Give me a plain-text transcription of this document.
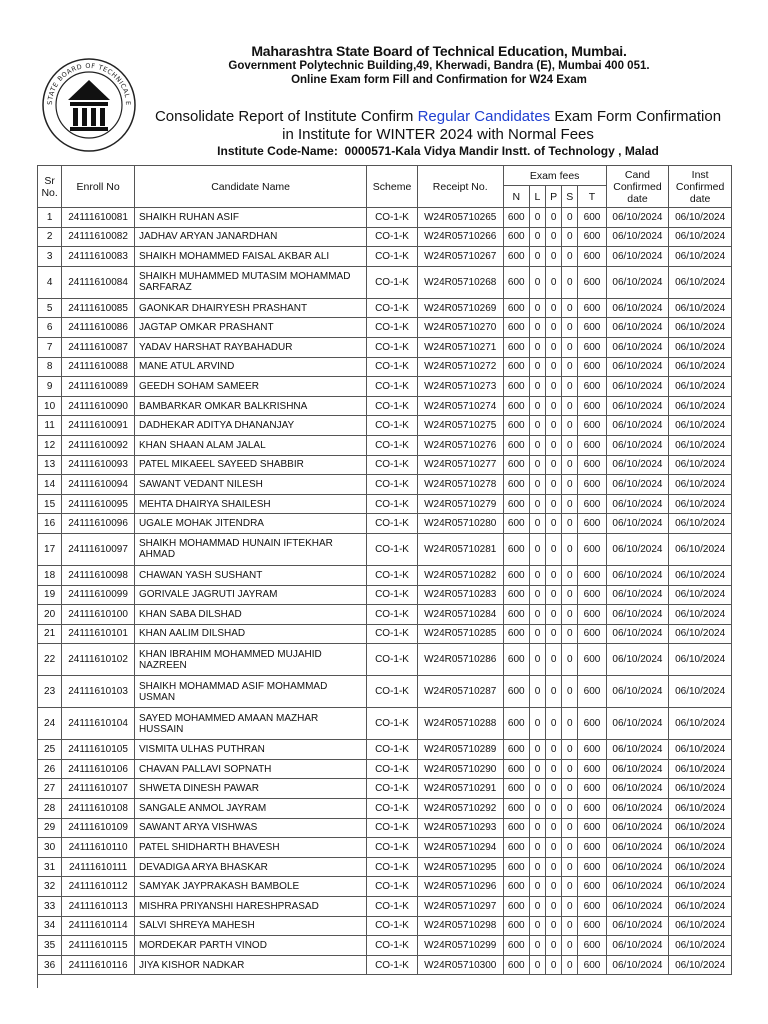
STATE BOARD OF TECHNICAL E
Maharashtra State Board of Technical Education, Mumbai.
Government Polytechnic Building,49, Kherwadi, Bandra (E), Mumbai 400 051.
Online Exam form Fill and Confirmation for W24 Exam
Consolidate Report of Institute Confirm Regular Candidates Exam Form Confirmation
in Institute for WINTER 2024 with Normal Fees
Institute Code-Name: 0000571-Kala Vidya Mandir Instt. of Technology , Malad
Sr No.	Enroll No	Candidate Name	Scheme	Receipt No.	Exam fees					Cand Confirmed date	Inst Confirmed date
					N	L	P	S	T		
1	24111610081	SHAIKH RUHAN ASIF	CO-1-K	W24R05710265	600	0	0	0	600	06/10/2024	06/10/2024
2	24111610082	JADHAV ARYAN JANARDHAN	CO-1-K	W24R05710266	600	0	0	0	600	06/10/2024	06/10/2024
3	24111610083	SHAIKH MOHAMMED FAISAL AKBAR ALI	CO-1-K	W24R05710267	600	0	0	0	600	06/10/2024	06/10/2024
4	24111610084	SHAIKH MUHAMMED MUTASIM MOHAMMAD SARFARAZ	CO-1-K	W24R05710268	600	0	0	0	600	06/10/2024	06/10/2024
5	24111610085	GAONKAR DHAIRYESH PRASHANT	CO-1-K	W24R05710269	600	0	0	0	600	06/10/2024	06/10/2024
6	24111610086	JAGTAP OMKAR PRASHANT	CO-1-K	W24R05710270	600	0	0	0	600	06/10/2024	06/10/2024
7	24111610087	YADAV HARSHAT RAYBAHADUR	CO-1-K	W24R05710271	600	0	0	0	600	06/10/2024	06/10/2024
8	24111610088	MANE ATUL ARVIND	CO-1-K	W24R05710272	600	0	0	0	600	06/10/2024	06/10/2024
9	24111610089	GEEDH SOHAM SAMEER	CO-1-K	W24R05710273	600	0	0	0	600	06/10/2024	06/10/2024
10	24111610090	BAMBARKAR OMKAR BALKRISHNA	CO-1-K	W24R05710274	600	0	0	0	600	06/10/2024	06/10/2024
11	24111610091	DADHEKAR ADITYA DHANANJAY	CO-1-K	W24R05710275	600	0	0	0	600	06/10/2024	06/10/2024
12	24111610092	KHAN SHAAN ALAM JALAL	CO-1-K	W24R05710276	600	0	0	0	600	06/10/2024	06/10/2024
13	24111610093	PATEL MIKAEEL SAYEED SHABBIR	CO-1-K	W24R05710277	600	0	0	0	600	06/10/2024	06/10/2024
14	24111610094	SAWANT VEDANT NILESH	CO-1-K	W24R05710278	600	0	0	0	600	06/10/2024	06/10/2024
15	24111610095	MEHTA DHAIRYA SHAILESH	CO-1-K	W24R05710279	600	0	0	0	600	06/10/2024	06/10/2024
16	24111610096	UGALE MOHAK JITENDRA	CO-1-K	W24R05710280	600	0	0	0	600	06/10/2024	06/10/2024
17	24111610097	SHAIKH MOHAMMAD HUNAIN IFTEKHAR AHMAD	CO-1-K	W24R05710281	600	0	0	0	600	06/10/2024	06/10/2024
18	24111610098	CHAWAN YASH SUSHANT	CO-1-K	W24R05710282	600	0	0	0	600	06/10/2024	06/10/2024
19	24111610099	GORIVALE JAGRUTI JAYRAM	CO-1-K	W24R05710283	600	0	0	0	600	06/10/2024	06/10/2024
20	24111610100	KHAN SABA DILSHAD	CO-1-K	W24R05710284	600	0	0	0	600	06/10/2024	06/10/2024
21	24111610101	KHAN AALIM DILSHAD	CO-1-K	W24R05710285	600	0	0	0	600	06/10/2024	06/10/2024
22	24111610102	KHAN IBRAHIM MOHAMMED MUJAHID NAZREEN	CO-1-K	W24R05710286	600	0	0	0	600	06/10/2024	06/10/2024
23	24111610103	SHAIKH MOHAMMAD ASIF MOHAMMAD USMAN	CO-1-K	W24R05710287	600	0	0	0	600	06/10/2024	06/10/2024
24	24111610104	SAYED MOHAMMED AMAAN MAZHAR HUSSAIN	CO-1-K	W24R05710288	600	0	0	0	600	06/10/2024	06/10/2024
25	24111610105	VISMITA ULHAS PUTHRAN	CO-1-K	W24R05710289	600	0	0	0	600	06/10/2024	06/10/2024
26	24111610106	CHAVAN PALLAVI SOPNATH	CO-1-K	W24R05710290	600	0	0	0	600	06/10/2024	06/10/2024
27	24111610107	SHWETA DINESH PAWAR	CO-1-K	W24R05710291	600	0	0	0	600	06/10/2024	06/10/2024
28	24111610108	SANGALE ANMOL JAYRAM	CO-1-K	W24R05710292	600	0	0	0	600	06/10/2024	06/10/2024
29	24111610109	SAWANT ARYA VISHWAS	CO-1-K	W24R05710293	600	0	0	0	600	06/10/2024	06/10/2024
30	24111610110	PATEL SHIDHARTH BHAVESH	CO-1-K	W24R05710294	600	0	0	0	600	06/10/2024	06/10/2024
31	24111610111	DEVADIGA ARYA BHASKAR	CO-1-K	W24R05710295	600	0	0	0	600	06/10/2024	06/10/2024
32	24111610112	SAMYAK JAYPRAKASH BAMBOLE	CO-1-K	W24R05710296	600	0	0	0	600	06/10/2024	06/10/2024
33	24111610113	MISHRA PRIYANSHI HARESHPRASAD	CO-1-K	W24R05710297	600	0	0	0	600	06/10/2024	06/10/2024
34	24111610114	SALVI SHREYA MAHESH	CO-1-K	W24R05710298	600	0	0	0	600	06/10/2024	06/10/2024
35	24111610115	MORDEKAR PARTH VINOD	CO-1-K	W24R05710299	600	0	0	0	600	06/10/2024	06/10/2024
36	24111610116	JIYA KISHOR NADKAR	CO-1-K	W24R05710300	600	0	0	0	600	06/10/2024	06/10/2024
